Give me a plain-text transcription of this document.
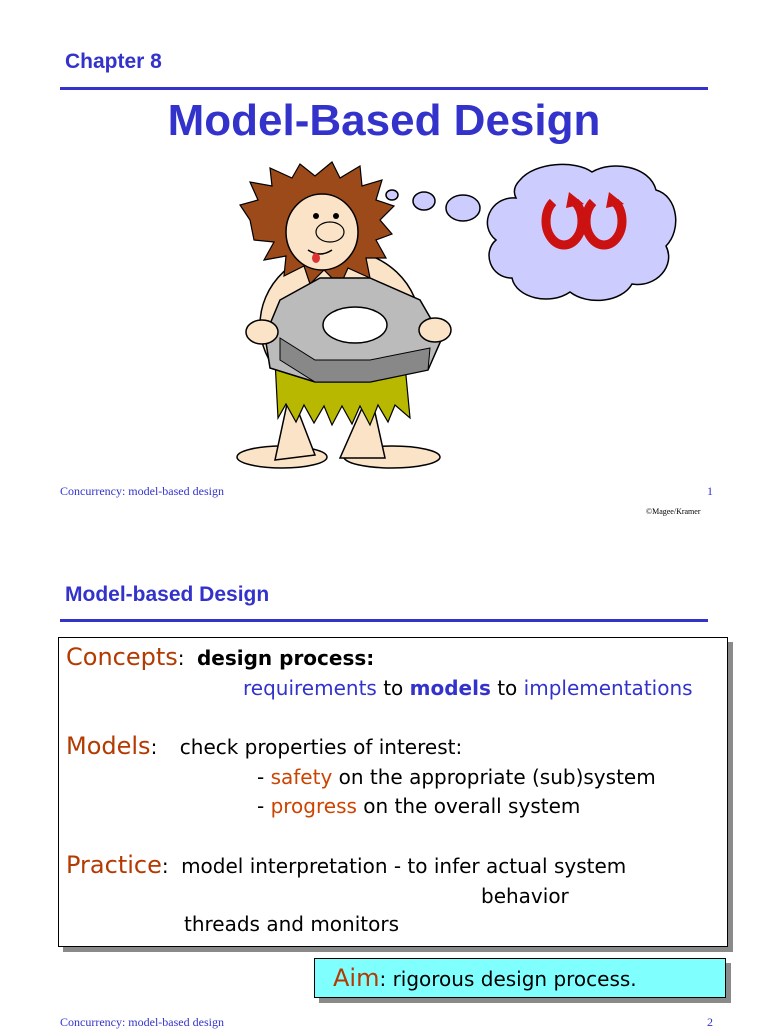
Chapter 8
Model-Based Design
Concurrency: model-based design	1
©Magee/Kramer
Model-based Design
Concepts: design process:
requirements to models to implementations
Models: check properties of interest:
- safety on the appropriate (sub)system
- progress on the overall system
Practice: model interpretation - to infer actual system
behavior
threads and monitors
Aim: rigorous design process.
Concurrency: model-based design	2
